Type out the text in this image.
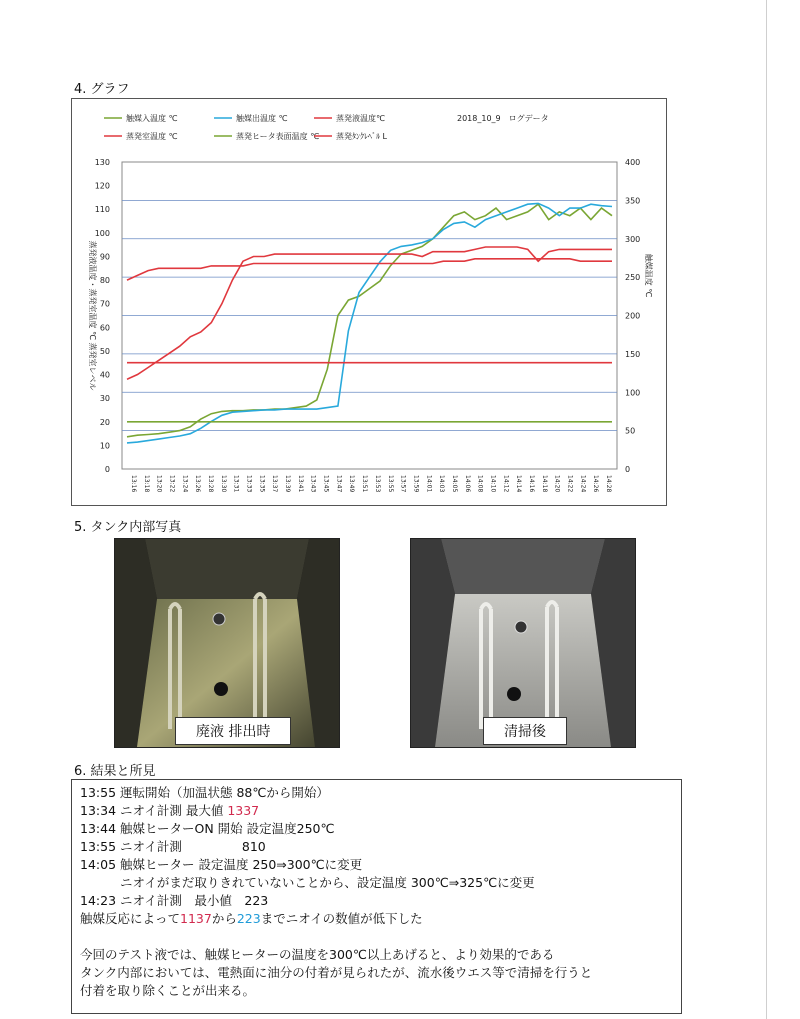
4. グラフ
0
10
20
30
40
50
60
70
80
90
100
110
120
130
0
50
100
150
200
250
300
350
400
13:16 13:18 13:20 13:22 13:24 13:26 13:28 13:30 13:31 13:33 13:35 13:37 13:39 13:41 13:43 13:45 13:47 13:49 13:51 13:53 13:55 13:57 13:59 14:01 14:03 14:05 14:06 14:08 14:10 14:12 14:14 14:16 14:18 14:20 14:22 14:24 14:26 14:28
触媒入温度 ℃	触媒出温度 ℃	蒸発液温度℃
蒸発室温度 ℃	蒸発ヒータ表面温度 ℃ 蒸発ﾀﾝｸﾚﾍﾞﾙ L
2018_10_9　ログデータ
蒸発液温度・蒸発室温度 ℃ 蒸発室レベル	触媒温度 ℃
5. タンク内部写真
廃液 排出時	清掃後
6. 結果と所見
13:55 運転開始（加温状態 88℃から開始）
13:34 ニオイ計測 最大値 1337
13:44 触媒ヒーターON 開始 設定温度250℃
13:55 ニオイ計測	810
14:05 触媒ヒーター 設定温度 250⇒300℃に変更
ニオイがまだ取りきれていないことから、設定温度 300℃⇒325℃に変更
14:23 ニオイ計測　最小値　223
触媒反応によって1137から223までニオイの数値が低下した
今回のテスト液では、触媒ヒーターの温度を300℃以上あげると、より効果的である
タンク内部においては、電熱面に油分の付着が見られたが、流水後ウエス等で清掃を行うと
付着を取り除くことが出来る。
